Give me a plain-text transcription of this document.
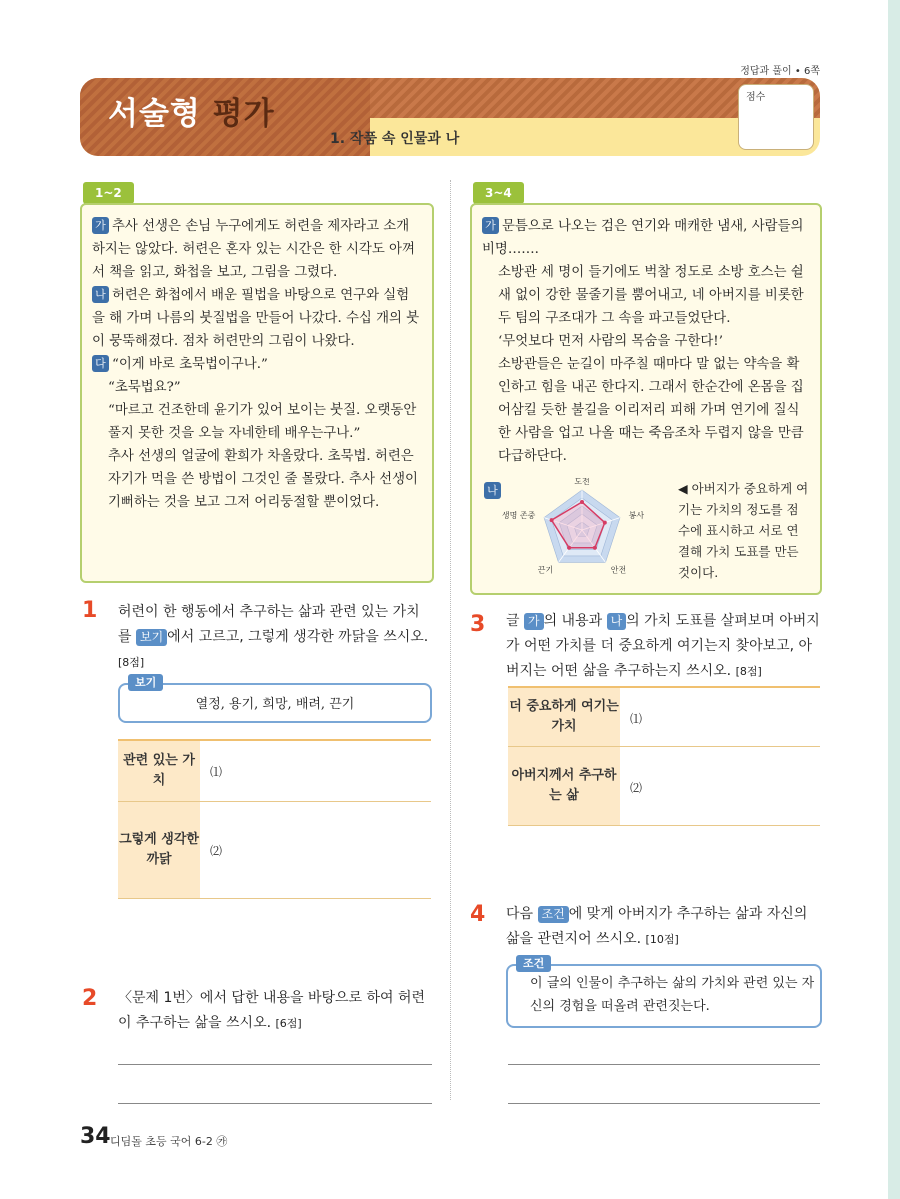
정답과 풀이 • 6쪽
서술형 평가
1. 작품 속 인물과 나
점수
1~2

가 추사 선생은 손님 누구에게도 허련을 제자라고 소개하지는 않았다. 허련은 혼자 있는 시간은 한 시각도 아껴서 책을 읽고, 화첩을 보고, 그림을 그렸다.

나 허련은 화첩에서 배운 필법을 바탕으로 연구와 실험을 해 가며 나름의 붓질법을 만들어 나갔다. 수십 개의 붓이 뭉뚝해졌다. 점차 허련만의 그림이 나왔다.

다 “이게 바로 초묵법이구나.”

“초묵법요?”

“마르고 건조한데 윤기가 있어 보이는 붓질. 오랫동안 풀지 못한 것을 오늘 자네한테 배우는구나.”

추사 선생의 얼굴에 환희가 차올랐다. 초묵법. 허련은 자기가 먹을 쓴 방법이 그것인 줄 몰랐다. 추사 선생이 기뻐하는 것을 보고 그저 어리둥절할 뿐이었다.

1 허련이 한 행동에서 추구하는 삶과 관련 있는 가치를 보기 에서 고르고, 그렇게 생각한 까닭을 쓰시오. [8점]
보기
열정, 용기, 희망, 배려, 끈기
관련 있는 가치
⑴
그렇게 생각한 까닭
⑵
2 〈문제 1번〉에서 답한 내용을 바탕으로 하여 허련이 추구하는 삶을 쓰시오. [6점]
3~4

가 문틈으로 나오는 검은 연기와 매캐한 냄새, 사람들의 비명…….

소방관 세 명이 들기에도 벅찰 정도로 소방 호스는 쉴 새 없이 강한 물줄기를 뿜어내고, 네 아버지를 비롯한 두 팀의 구조대가 그 속을 파고들었단다.

‘무엇보다 먼저 사람의 목숨을 구한다!’

소방관들은 눈길이 마주칠 때마다 말 없는 약속을 확인하고 힘을 내곤 한다지. 그래서 한순간에 온몸을 집어삼킬 듯한 불길을 이리저리 피해 가며 연기에 질식한 사람을 업고 나올 때는 죽음조차 두렵지 않을 만큼 다급하단다.

나
도전
봉사
안전
끈기
생명 존중
◀ 아버지가 중요하게 여기는 가치의 정도를 점수에 표시하고 서로 연결해 가치 도표를 만든 것이다.
3 글 가 의 내용과 나 의 가치 도표를 살펴보며 아버지가 어떤 가치를 더 중요하게 여기는지 찾아보고, 아버지는 어떤 삶을 추구하는지 쓰시오. [8점]
더 중요하게 여기는 가치	⑴
아버지께서 추구하는 삶	⑵
4 다음 조건 에 맞게 아버지가 추구하는 삶과 자신의 삶을 관련지어 쓰시오. [10점]
조건
이 글의 인물이 추구하는 삶의 가치와 관련 있는 자신의 경험을 떠올려 관련짓는다.
34 디딤돌 초등 국어 6-2 ㉮
